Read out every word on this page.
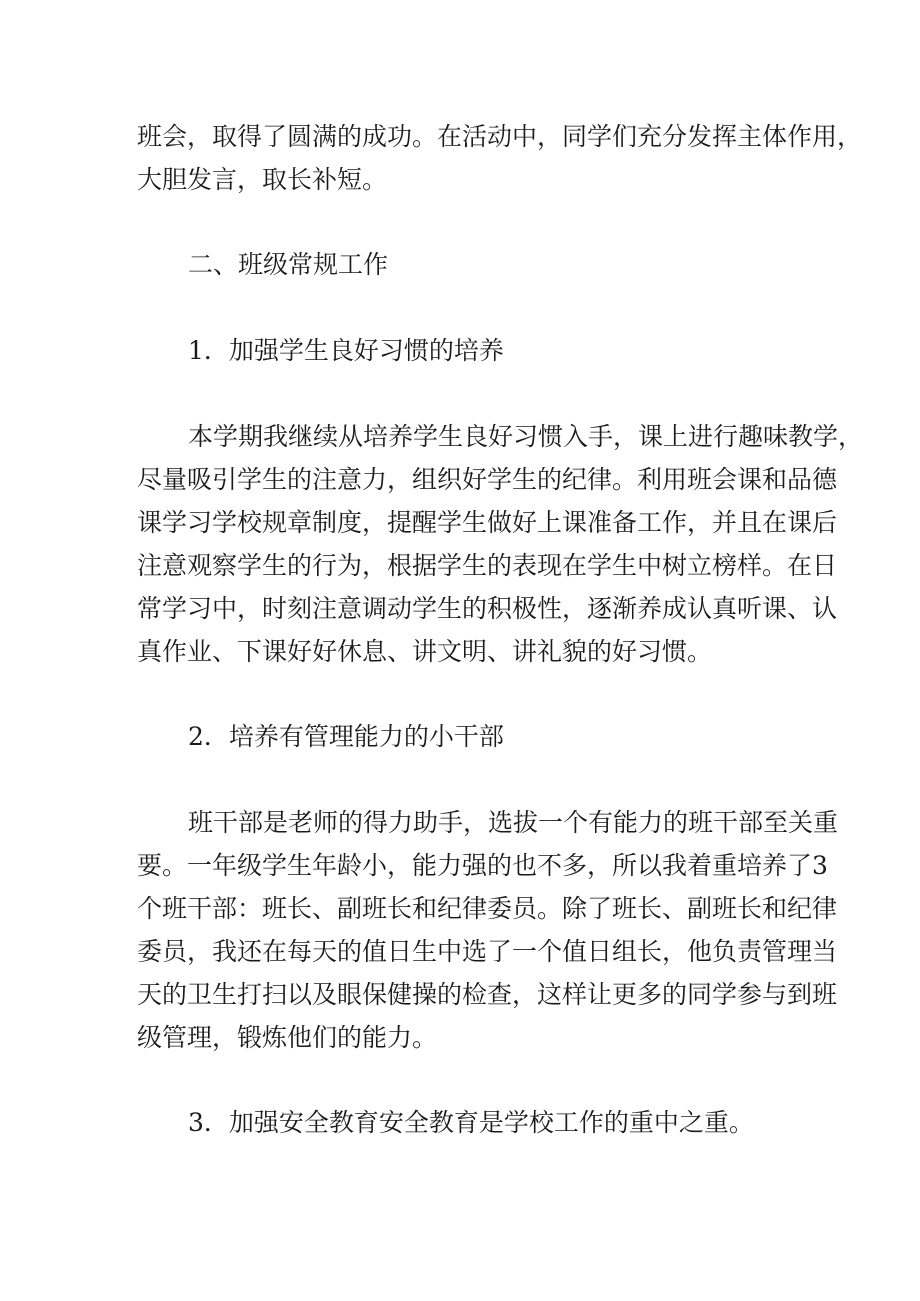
班会，取得了圆满的成功。在活动中，同学们充分发挥主体作用，

大胆发言，取长补短。

二、班级常规工作

1．加强学生良好习惯的培养

本学期我继续从培养学生良好习惯入手，课上进行趣味教学，

尽量吸引学生的注意力，组织好学生的纪律。利用班会课和品德

课学习学校规章制度，提醒学生做好上课准备工作，并且在课后

注意观察学生的行为，根据学生的表现在学生中树立榜样。在日

常学习中，时刻注意调动学生的积极性，逐渐养成认真听课、认

真作业、下课好好休息、讲文明、讲礼貌的好习惯。

2．培养有管理能力的小干部

班干部是老师的得力助手，选拔一个有能力的班干部至关重

要。一年级学生年龄小，能力强的也不多，所以我着重培养了3

个班干部：班长、副班长和纪律委员。除了班长、副班长和纪律

委员，我还在每天的值日生中选了一个值日组长，他负责管理当

天的卫生打扫以及眼保健操的检查，这样让更多的同学参与到班

级管理，锻炼他们的能力。

3．加强安全教育安全教育是学校工作的重中之重。
